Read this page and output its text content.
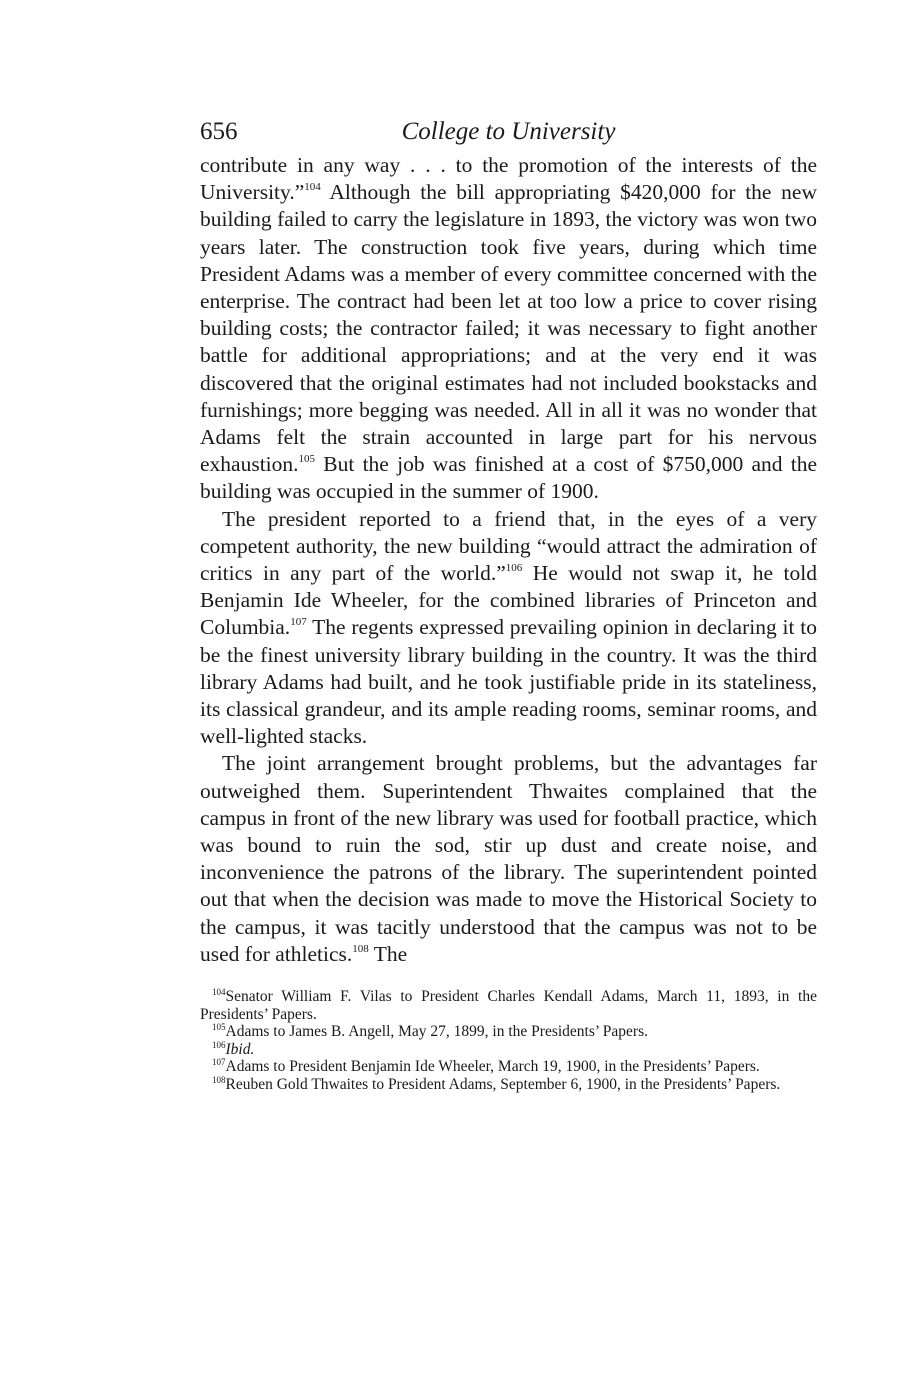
656	College to University

contribute in any way . . . to the promotion of the interests of the University.”$^{104}$ Although the bill appropriating $420,000 for the new building failed to carry the legislature in 1893, the victory was won two years later. The construction took five years, during which time President Adams was a member of every committee concerned with the enterprise. The contract had been let at too low a price to cover rising building costs; the contractor failed; it was necessary to fight another battle for additional appropriations; and at the very end it was discovered that the original estimates had not included bookstacks and furnishings; more begging was needed. All in all it was no wonder that Adams felt the strain accounted in large part for his nervous exhaustion.$^{105}$ But the job was finished at a cost of $750,000 and the building was occupied in the summer of 1900.

The president reported to a friend that, in the eyes of a very competent authority, the new building “would attract the admiration of critics in any part of the world.”$^{106}$ He would not swap it, he told Benjamin Ide Wheeler, for the combined libraries of Princeton and Columbia.$^{107}$ The regents expressed prevailing opinion in declaring it to be the finest university library building in the country. It was the third library Adams had built, and he took justifiable pride in its stateliness, its classical grandeur, and its ample reading rooms, seminar rooms, and well-lighted stacks.

The joint arrangement brought problems, but the advantages far outweighed them. Superintendent Thwaites complained that the campus in front of the new library was used for football practice, which was bound to ruin the sod, stir up dust and create noise, and inconvenience the patrons of the library. The superintendent pointed out that when the decision was made to move the Historical Society to the campus, it was tacitly understood that the campus was not to be used for athletics.$^{108}$ The

$^{104}$Senator William F. Vilas to President Charles Kendall Adams, March 11, 1893, in the Presidents’ Papers.

$^{105}$Adams to James B. Angell, May 27, 1899, in the Presidents’ Papers.

$^{106}$Ibid.

$^{107}$Adams to President Benjamin Ide Wheeler, March 19, 1900, in the Presidents’ Papers.

$^{108}$Reuben Gold Thwaites to President Adams, September 6, 1900, in the Presidents’ Papers.
